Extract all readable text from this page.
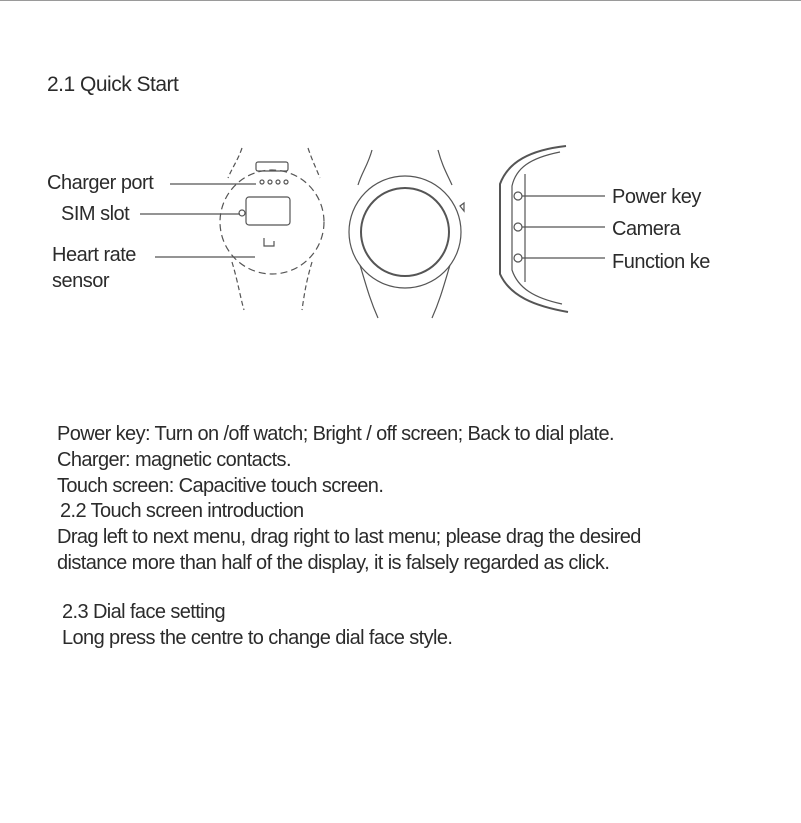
2.1 Quick Start
Charger port
SIM slot
Heart rate
sensor
Power key
Camera
Function ke
Power key: Turn on /off watch; Bright / off screen; Back to dial plate.
Charger: magnetic contacts.
Touch screen: Capacitive touch screen.
2.2 Touch screen introduction
Drag left to next menu, drag right to last menu; please drag the desired
distance more than half of the display, it is falsely regarded as click.
2.3 Dial face setting
Long press the centre to change dial face style.
